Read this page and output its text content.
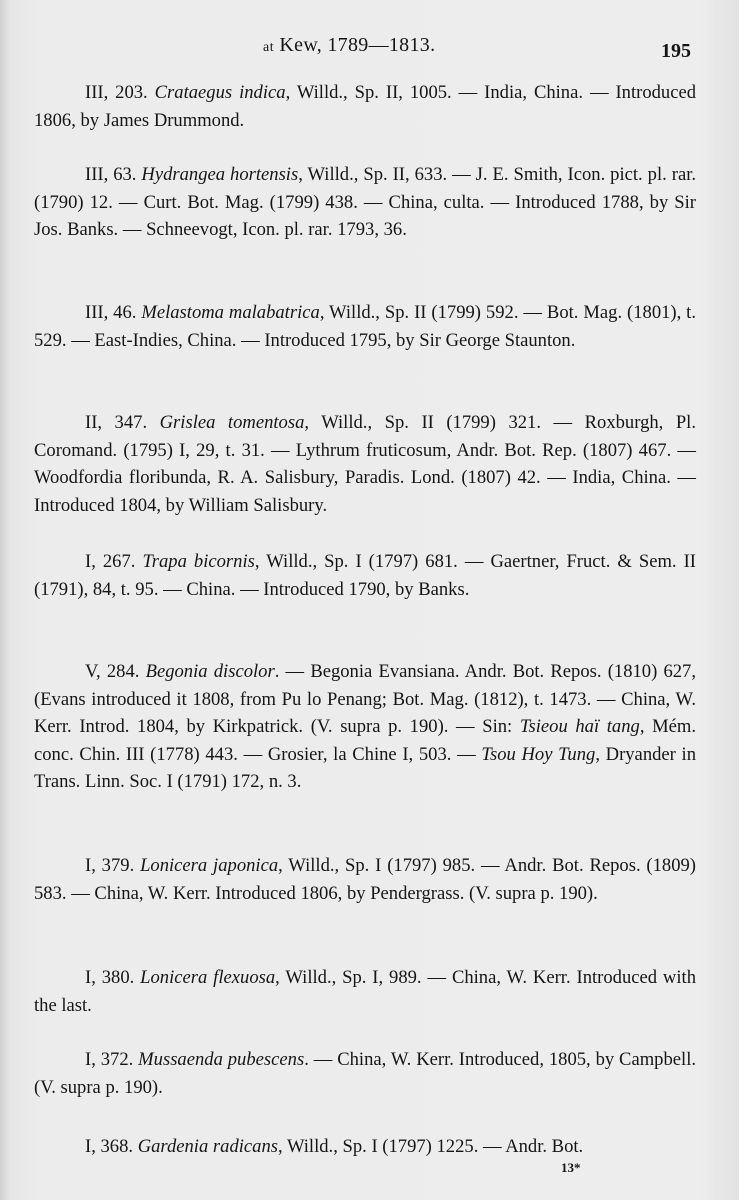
at Kew, 1789—1813.	195

III, 203. Crataegus indica, Willd., Sp. II, 1005. — India, China. — Introduced 1806, by James Drummond.

III, 63. Hydrangea hortensis, Willd., Sp. II, 633. — J. E. Smith, Icon. pict. pl. rar. (1790) 12. — Curt. Bot. Mag. (1799) 438. — China, culta. — Introduced 1788, by Sir Jos. Banks. — Schneevogt, Icon. pl. rar. 1793, 36.

III, 46. Melastoma malabatrica, Willd., Sp. II (1799) 592. — Bot. Mag. (1801), t. 529. — East-Indies, China. — Introduced 1795, by Sir George Staunton.

II, 347. Grislea tomentosa, Willd., Sp. II (1799) 321. — Roxburgh, Pl. Coromand. (1795) I, 29, t. 31. — Lythrum fruticosum, Andr. Bot. Rep. (1807) 467. — Woodfordia floribunda, R. A. Salisbury, Paradis. Lond. (1807) 42. — India, China. — Introduced 1804, by William Salisbury.

I, 267. Trapa bicornis, Willd., Sp. I (1797) 681. — Gaertner, Fruct. & Sem. II (1791), 84, t. 95. — China. — Introduced 1790, by Banks.

V, 284. Begonia discolor. — Begonia Evansiana. Andr. Bot. Repos. (1810) 627, (Evans introduced it 1808, from Pu lo Penang; Bot. Mag. (1812), t. 1473. — China, W. Kerr. Introd. 1804, by Kirkpatrick. (V. supra p. 190). — Sin: Tsieou haï tang, Mém. conc. Chin. III (1778) 443. — Grosier, la Chine I, 503. — Tsou Hoy Tung, Dryander in Trans. Linn. Soc. I (1791) 172, n. 3.

I, 379. Lonicera japonica, Willd., Sp. I (1797) 985. — Andr. Bot. Repos. (1809) 583. — China, W. Kerr. Introduced 1806, by Pendergrass. (V. supra p. 190).

I, 380. Lonicera flexuosa, Willd., Sp. I, 989. — China, W. Kerr. Introduced with the last.

I, 372. Mussaenda pubescens. — China, W. Kerr. Introduced, 1805, by Campbell. (V. supra p. 190).

I, 368. Gardenia radicans, Willd., Sp. I (1797) 1225. — Andr. Bot.

13*
